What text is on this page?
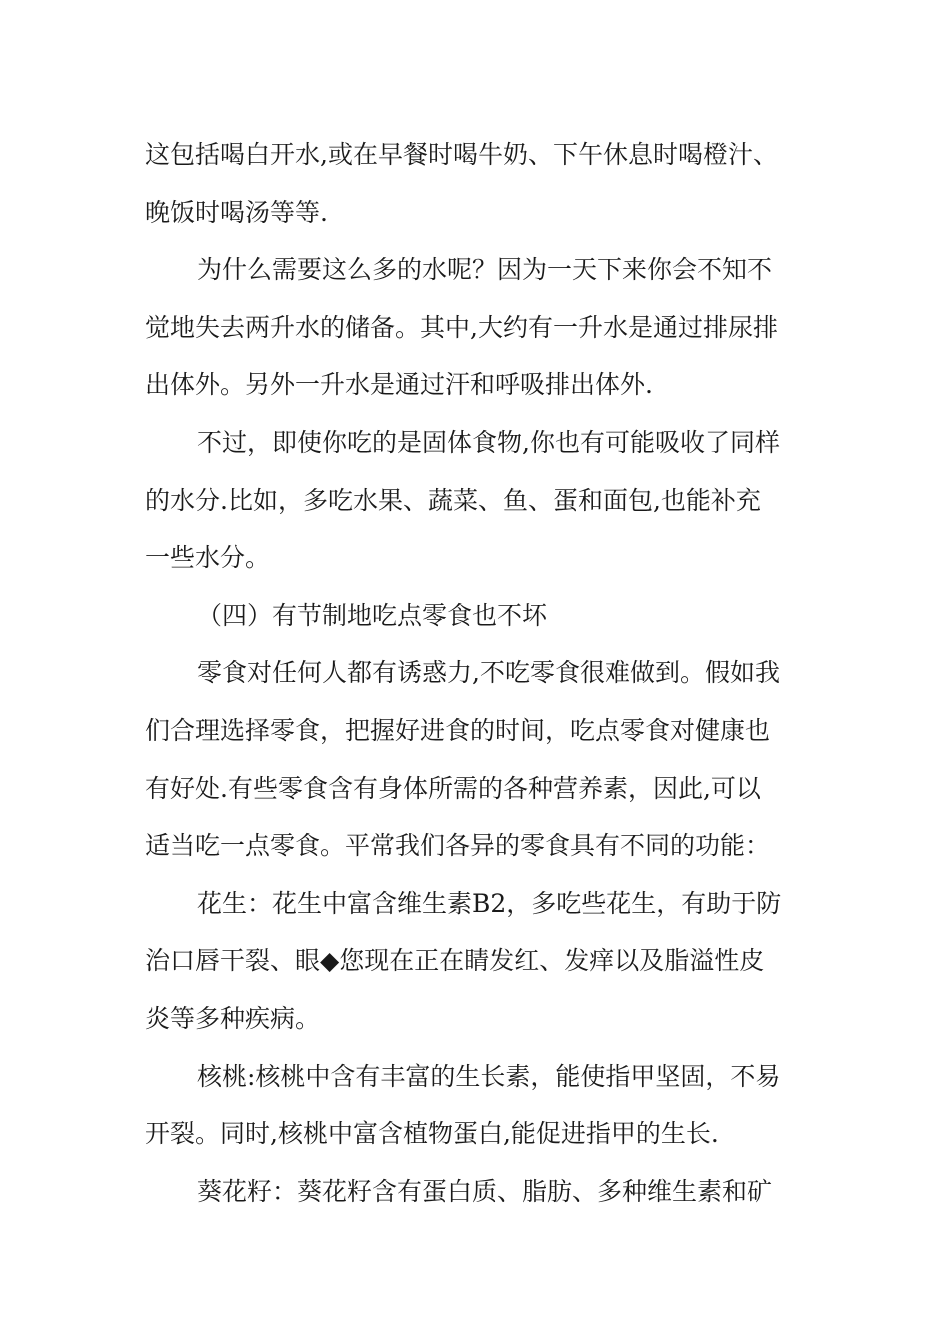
这包括喝白开水,或在早餐时喝牛奶、下午休息时喝橙汁、
晚饭时喝汤等等.
为什么需要这么多的水呢？因为一天下来你会不知不
觉地失去两升水的储备。其中,大约有一升水是通过排尿排
出体外。另外一升水是通过汗和呼吸排出体外.
不过，即使你吃的是固体食物,你也有可能吸收了同样
的水分.比如，多吃水果、蔬菜、鱼、蛋和面包,也能补充
一些水分。
（四）有节制地吃点零食也不坏
零食对任何人都有诱惑力,不吃零食很难做到。假如我
们合理选择零食，把握好进食的时间，吃点零食对健康也
有好处.有些零食含有身体所需的各种营养素，因此,可以
适当吃一点零食。平常我们各异的零食具有不同的功能：
花生：花生中富含维生素B2，多吃些花生，有助于防
治口唇干裂、眼◆您现在正在睛发红、发痒以及脂溢性皮
炎等多种疾病。
核桃:核桃中含有丰富的生长素，能使指甲坚固，不易
开裂。同时,核桃中富含植物蛋白,能促进指甲的生长.
葵花籽：葵花籽含有蛋白质、脂肪、多种维生素和矿
